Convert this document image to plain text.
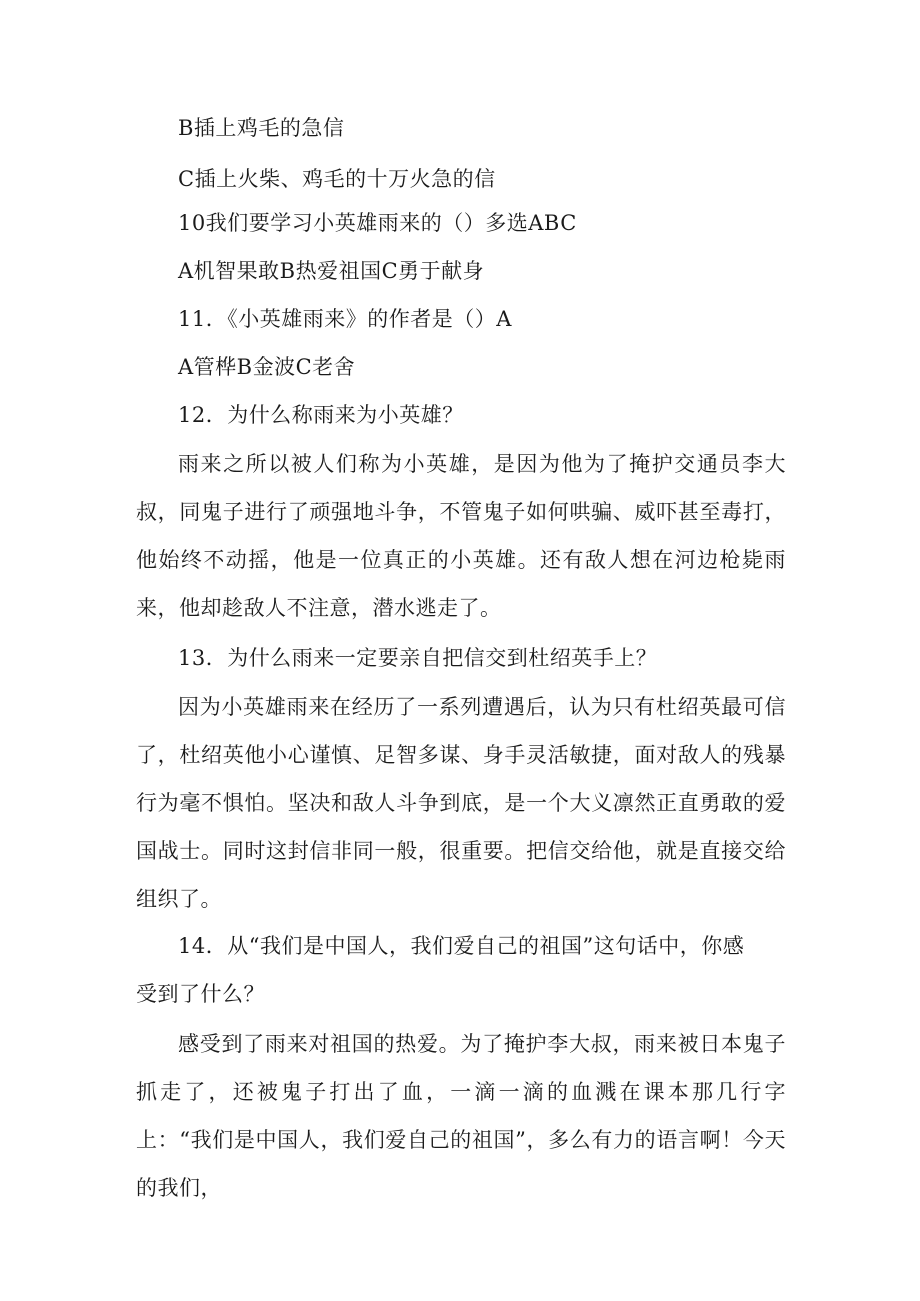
B插上鸡毛的急信
C插上火柴、鸡毛的十万火急的信
10我们要学习小英雄雨来的（）多选ABC
A机智果敢B热爱祖国C勇于献身
11．《小英雄雨来》的作者是（）A
A管桦B金波C老舍
12．为什么称雨来为小英雄？
雨来之所以被人们称为小英雄，是因为他为了掩护交通员李大叔，同鬼子进行了顽强地斗争，不管鬼子如何哄骗、威吓甚至毒打，他始终不动摇，他是一位真正的小英雄。还有敌人想在河边枪毙雨来，他却趁敌人不注意，潜水逃走了。
13．为什么雨来一定要亲自把信交到杜绍英手上？
因为小英雄雨来在经历了一系列遭遇后，认为只有杜绍英最可信了，杜绍英他小心谨慎、足智多谋、身手灵活敏捷，面对敌人的残暴行为毫不惧怕。坚决和敌人斗争到底，是一个大义凛然正直勇敢的爱国战士。同时这封信非同一般，很重要。把信交给他，就是直接交给组织了。
14．从“我们是中国人，我们爱自己的祖国”这句话中，你感
受到了什么？
感受到了雨来对祖国的热爱。为了掩护李大叔，雨来被日本鬼子抓走了，还被鬼子打出了血，一滴一滴的血溅在课本那几行字上：“我们是中国人，我们爱自己的祖国”，多么有力的语言啊！今天的我们，
